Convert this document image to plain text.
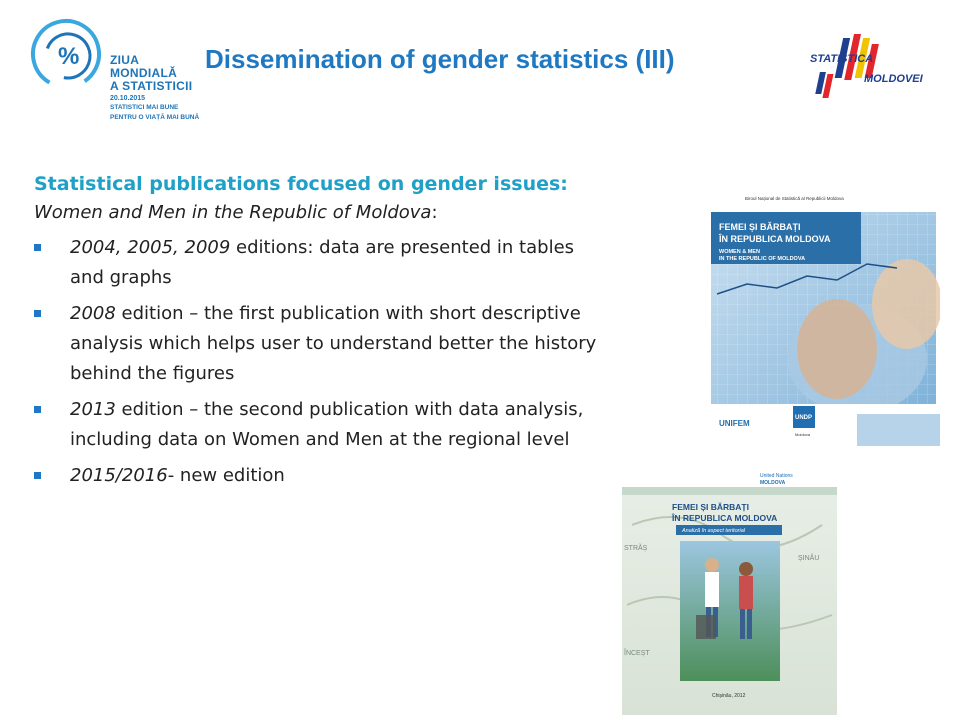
%	ZIUA
MONDIALĂ
A STATISTICII
20.10.2015
STATISTICI MAI BUNE
PENTRU O VIAȚĂ MAI BUNĂ
Dissemination of gender statistics (III)	STATISTICA
MOLDOVEI
Statistical publications focused on gender issues:
Women and Men in the Republic of Moldova:
2004, 2005, 2009 editions: data are presented in tables and graphs
2008 edition – the first publication with short descriptive analysis which helps user to understand better the history behind the figures
2013 edition – the second publication with data analysis, including data on Women and Men at the regional level
2015/2016- new edition
Biroul Național de Statistică al Republicii Moldova
FEMEI ȘI BĂRBAȚI
ÎN REPUBLICA MOLDOVA
WOMEN & MEN
IN THE REPUBLIC OF MOLDOVA
UNIFEM
UNDP
Moldova
United Nations
MOLDOVA
STRĂȘ
ȘINĂU
ÎNCEȘT
FEMEI ȘI BĂRBAȚI
ÎN REPUBLICA MOLDOVA
Analiză în aspect teritorial
Chișinău, 2012
